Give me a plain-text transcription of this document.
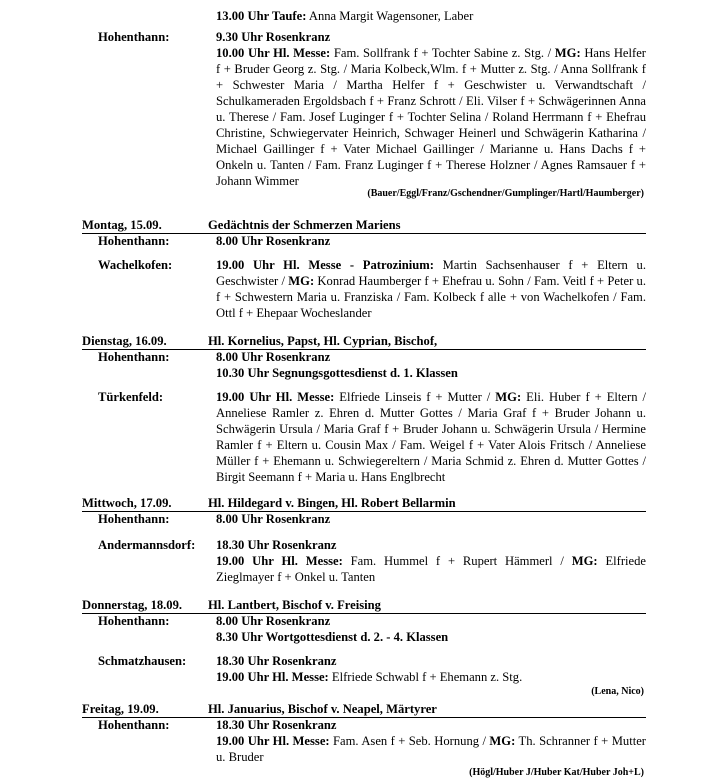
13.00 Uhr Taufe: Anna Margit Wagensoner, Laber
Hohenthann:	9.30 Uhr Rosenkranz
10.00 Uhr Hl. Messe: Fam. Sollfrank f + Tochter Sabine z. Stg. / MG: Hans Helfer f + Bruder Georg z. Stg. / Maria Kolbeck,Wlm. f + Mutter z. Stg. / Anna Sollfrank f + Schwester Maria / Martha Helfer f + Geschwister u. Verwandtschaft / Schulkameraden Ergoldsbach f + Franz Schrott / Eli. Vilser f + Schwägerinnen Anna u. Therese / Fam. Josef Luginger f + Tochter Selina / Roland Herrmann f + Ehefrau Christine, Schwiegervater Heinrich, Schwager Heinerl und Schwägerin Katharina / Michael Gaillinger f + Vater Michael Gaillinger / Marianne u. Hans Dachs f + Onkeln u. Tanten / Fam. Franz Luginger f + Therese Holzner / Agnes Ramsauer f + Johann Wimmer
(Bauer/Eggl/Franz/Gschendner/Gumplinger/Hartl/Haumberger)
Montag, 15.09.	Gedächtnis der Schmerzen Mariens
Hohenthann:	8.00 Uhr Rosenkranz
Wachelkofen:	19.00 Uhr Hl. Messe - Patrozinium: Martin Sachsenhauser f + Eltern u. Geschwister / MG: Konrad Haumberger f + Ehefrau u. Sohn / Fam. Veitl f + Peter u. f + Schwestern Maria u. Franziska / Fam. Kolbeck f alle + von Wachelkofen / Fam. Ottl f + Ehepaar Wocheslander
Dienstag, 16.09.	Hl. Kornelius, Papst, Hl. Cyprian, Bischof,
Hohenthann:	8.00 Uhr Rosenkranz
10.30 Uhr Segnungsgottesdienst d. 1. Klassen
Türkenfeld:	19.00 Uhr Hl. Messe: Elfriede Linseis f + Mutter / MG: Eli. Huber f + Eltern / Anneliese Ramler z. Ehren d. Mutter Gottes / Maria Graf f + Bruder Johann u. Schwägerin Ursula / Maria Graf f + Bruder Johann u. Schwägerin Ursula / Hermine Ramler f + Eltern u. Cousin Max / Fam. Weigel f + Vater Alois Fritsch / Anneliese Müller f + Ehemann u. Schwiegereltern / Maria Schmid z. Ehren d. Mutter Gottes / Birgit Seemann f + Maria u. Hans Englbrecht
Mittwoch, 17.09.	Hl. Hildegard v. Bingen, Hl. Robert Bellarmin
Hohenthann:	8.00 Uhr Rosenkranz
Andermannsdorf: 18.30 Uhr Rosenkranz
19.00 Uhr Hl. Messe: Fam. Hummel f + Rupert Hämmerl / MG: Elfriede Zieglmayer f + Onkel u. Tanten
Donnerstag, 18.09. Hl. Lantbert, Bischof v. Freising
Hohenthann:	8.00 Uhr Rosenkranz
8.30 Uhr Wortgottesdienst d. 2. - 4. Klassen
Schmatzhausen: 18.30 Uhr Rosenkranz
19.00 Uhr Hl. Messe: Elfriede Schwabl f + Ehemann z. Stg.
(Lena, Nico)
Freitag, 19.09.	Hl. Januarius, Bischof v. Neapel, Märtyrer
Hohenthann:	18.30 Uhr Rosenkranz
19.00 Uhr Hl. Messe: Fam. Asen f + Seb. Hornung / MG: Th. Schranner f + Mutter u. Bruder
(Högl/Huber J/Huber Kat/Huber Joh+L)
